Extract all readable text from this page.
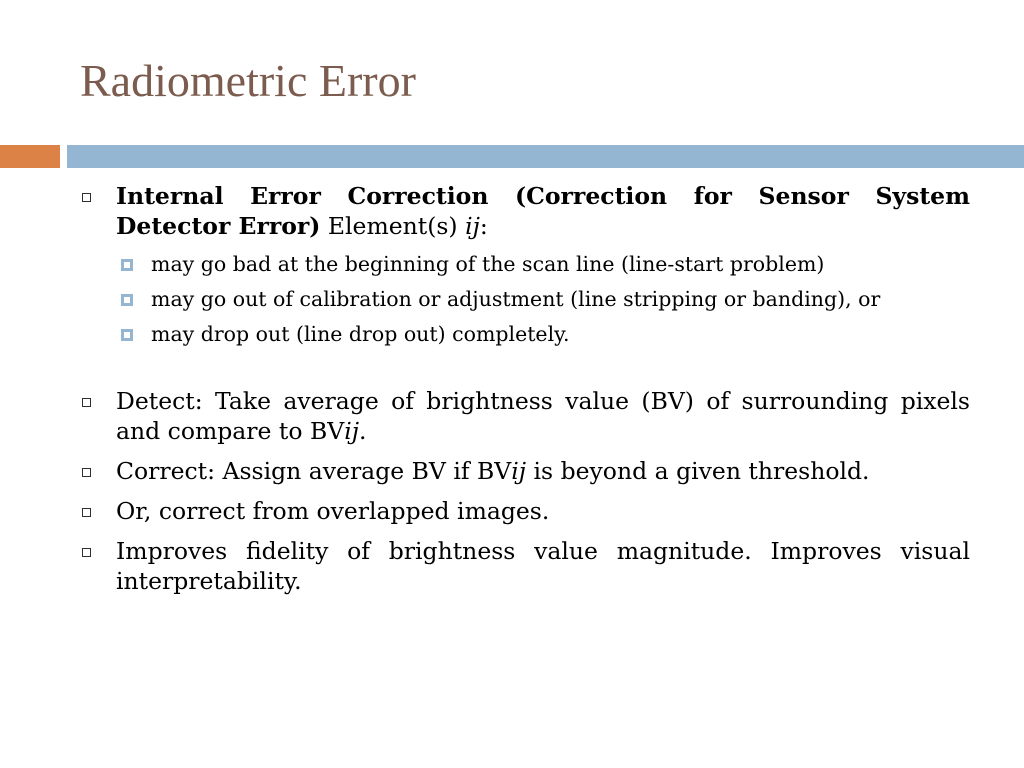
Radiometric Error
Internal Error Correction (Correction for Sensor System Detector Error) Element(s) ij:
may go bad at the beginning of the scan line (line-start problem)
may go out of calibration or adjustment (line stripping or banding), or
may drop out (line drop out) completely.
Detect: Take average of brightness value (BV) of surrounding pixels and compare to BVij.
Correct: Assign average BV if BVij is beyond a given threshold.
Or, correct from overlapped images.
Improves fidelity of brightness value magnitude. Improves visual interpretability.
